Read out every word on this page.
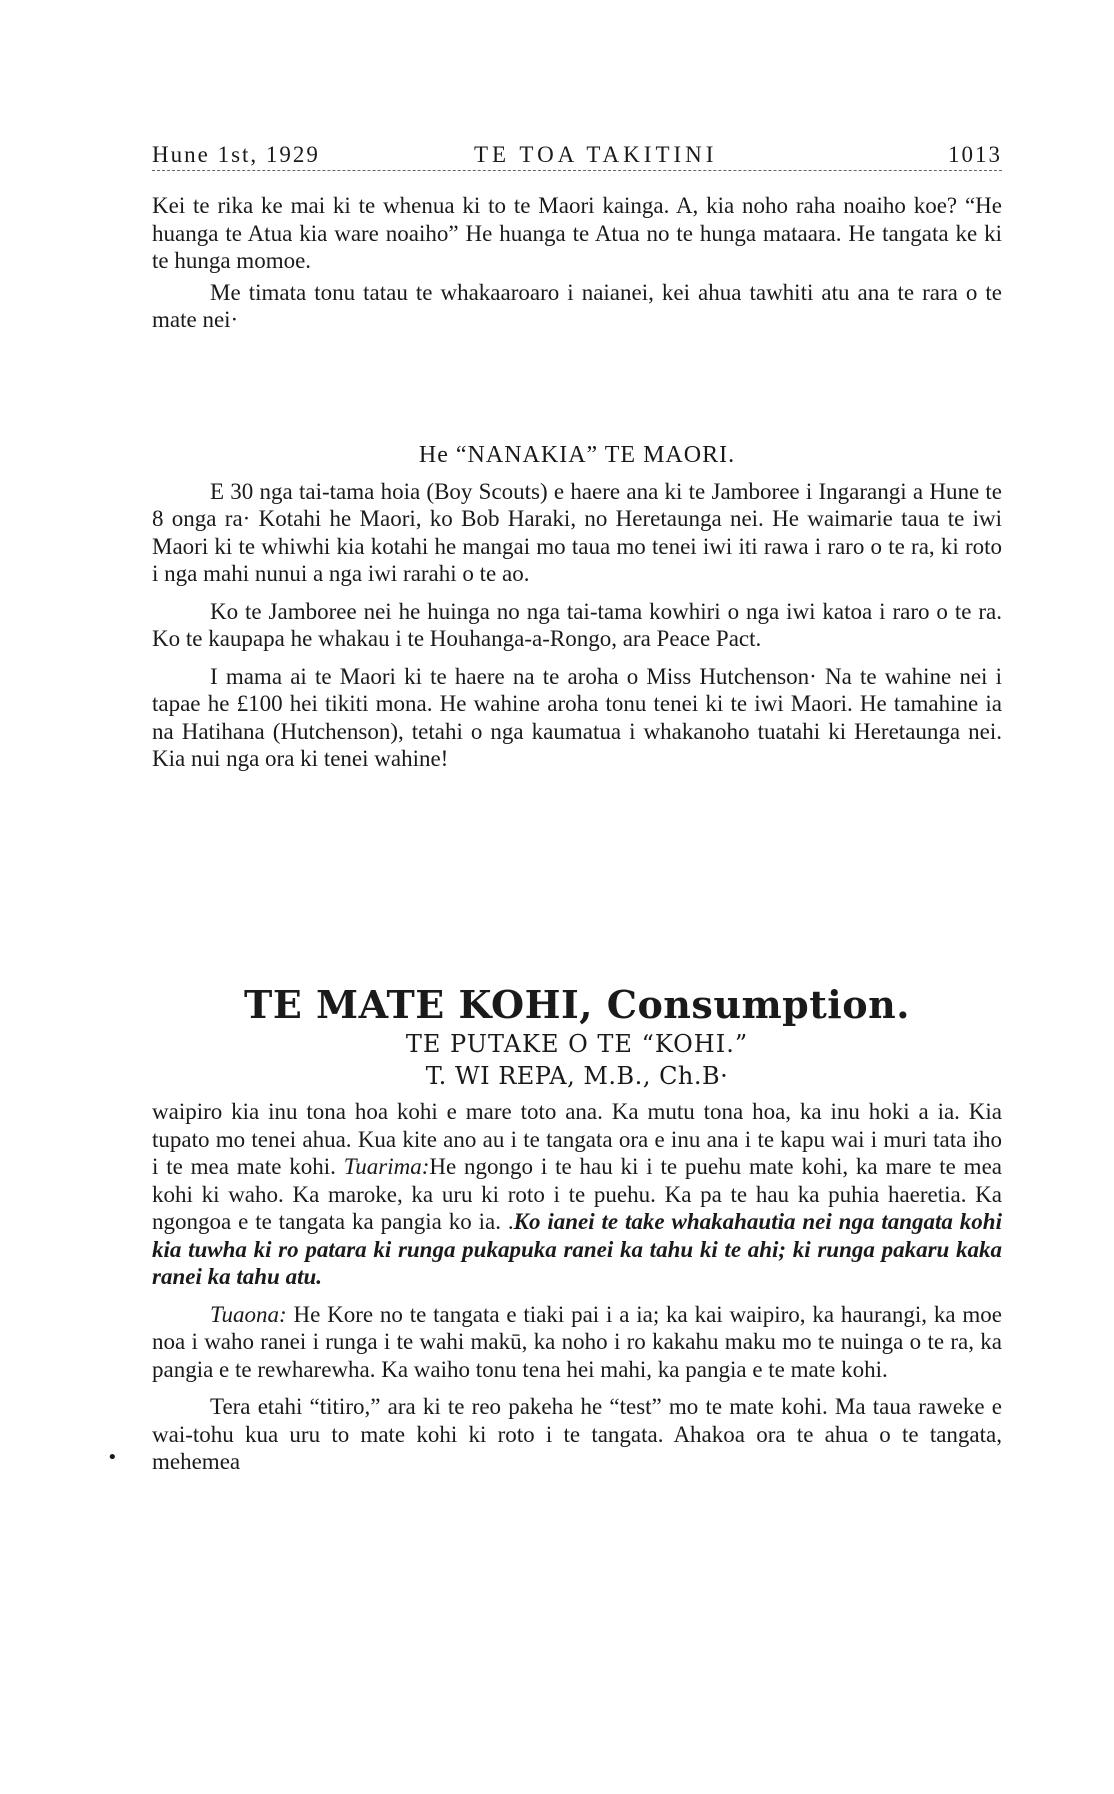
Hune 1st, 1929	TE TOA TAKITINI	1013

Kei te rika ke mai ki te whenua ki to te Maori kainga. A, kia noho raha noaiho koe? “He huanga te Atua kia ware noaiho” He huanga te Atua no te hunga mataara. He tangata ke ki te hunga momoe.

Me timata tonu tatau te whakaaroaro i naianei, kei ahua tawhiti atu ana te rara o te mate nei·

He “NANAKIA” TE MAORI.

E 30 nga tai-tama hoia (Boy Scouts) e haere ana ki te Jamboree i Ingarangi a Hune te 8 onga ra· Kotahi he Maori, ko Bob Haraki, no Heretaunga nei. He waimarie taua te iwi Maori ki te whiwhi kia kotahi he mangai mo taua mo tenei iwi iti rawa i raro o te ra, ki roto i nga mahi nunui a nga iwi rarahi o te ao.

Ko te Jamboree nei he huinga no nga tai-tama kowhiri o nga iwi katoa i raro o te ra. Ko te kaupapa he whakau i te Houhanga-a-Rongo, ara Peace Pact.

I mama ai te Maori ki te haere na te aroha o Miss Hutchenson· Na te wahine nei i tapae he £100 hei tikiti mona. He wahine aroha tonu tenei ki te iwi Maori. He tamahine ia na Hatihana (Hutchenson), tetahi o nga kaumatua i whakanoho tuatahi ki Heretaunga nei. Kia nui nga ora ki tenei wahine!

TE MATE KOHI, Consumption.
TE PUTAKE O TE “KOHI.”
T. WI REPA, M.B., Ch.B·

waipiro kia inu tona hoa kohi e mare toto ana. Ka mutu tona hoa, ka inu hoki a ia. Kia tupato mo tenei ahua. Kua kite ano au i te tangata ora e inu ana i te kapu wai i muri tata iho i te mea mate kohi. Tuarima:He ngongo i te hau ki i te puehu mate kohi, ka mare te mea kohi ki waho. Ka maroke, ka uru ki roto i te puehu. Ka pa te hau ka puhia haeretia. Ka ngongoa e te tangata ka pangia ko ia. .Ko ianei te take whakahautia nei nga tangata kohi kia tuwha ki ro patara ki runga pukapuka ranei ka tahu ki te ahi; ki runga pakaru kaka ranei ka tahu atu.

Tuaona: He Kore no te tangata e tiaki pai i a ia; ka kai waipiro, ka haurangi, ka moe noa i waho ranei i runga i te wahi makū, ka noho i ro kakahu maku mo te nuinga o te ra, ka pangia e te rewharewha. Ka waiho tonu tena hei mahi, ka pangia e te mate kohi.

Tera etahi “titiro,” ara ki te reo pakeha he “test” mo te mate kohi. Ma taua raweke e wai-tohu kua uru to mate kohi ki roto i te tangata. Ahakoa ora te ahua o te tangata, mehemea

•
